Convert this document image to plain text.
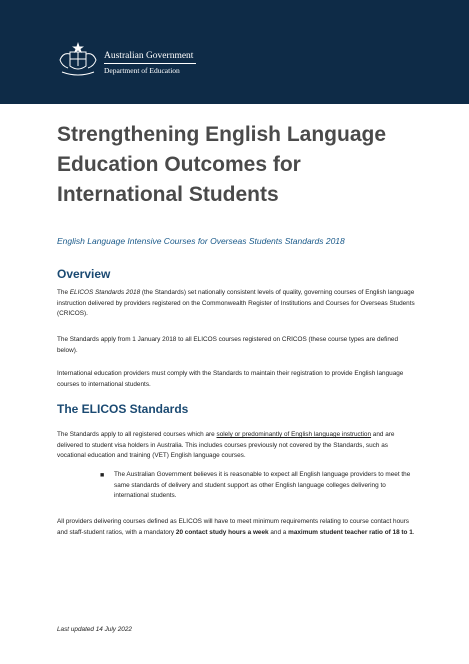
Australian Government
Department of Education
Strengthening English Language Education Outcomes for International Students
English Language Intensive Courses for Overseas Students Standards 2018
Overview

The ELICOS Standards 2018 (the Standards) set nationally consistent levels of quality, governing courses of English language instruction delivered by providers registered on the Commonwealth Register of Institutions and Courses for Overseas Students (CRICOS).

The Standards apply from 1 January 2018 to all ELICOS courses registered on CRICOS (these course types are defined below).

International education providers must comply with the Standards to maintain their registration to provide English language courses to international students.

The ELICOS Standards

The Standards apply to all registered courses which are solely or predominantly of English language instruction and are delivered to student visa holders in Australia. This includes courses previously not covered by the Standards, such as vocational education and training (VET) English language courses.

■ The Australian Government believes it is reasonable to expect all English language providers to meet the same standards of delivery and student support as other English language colleges delivering to international students.

All providers delivering courses defined as ELICOS will have to meet minimum requirements relating to course contact hours and staff-student ratios, with a mandatory 20 contact study hours a week and a maximum student teacher ratio of 18 to 1.

Last updated 14 July 2022
